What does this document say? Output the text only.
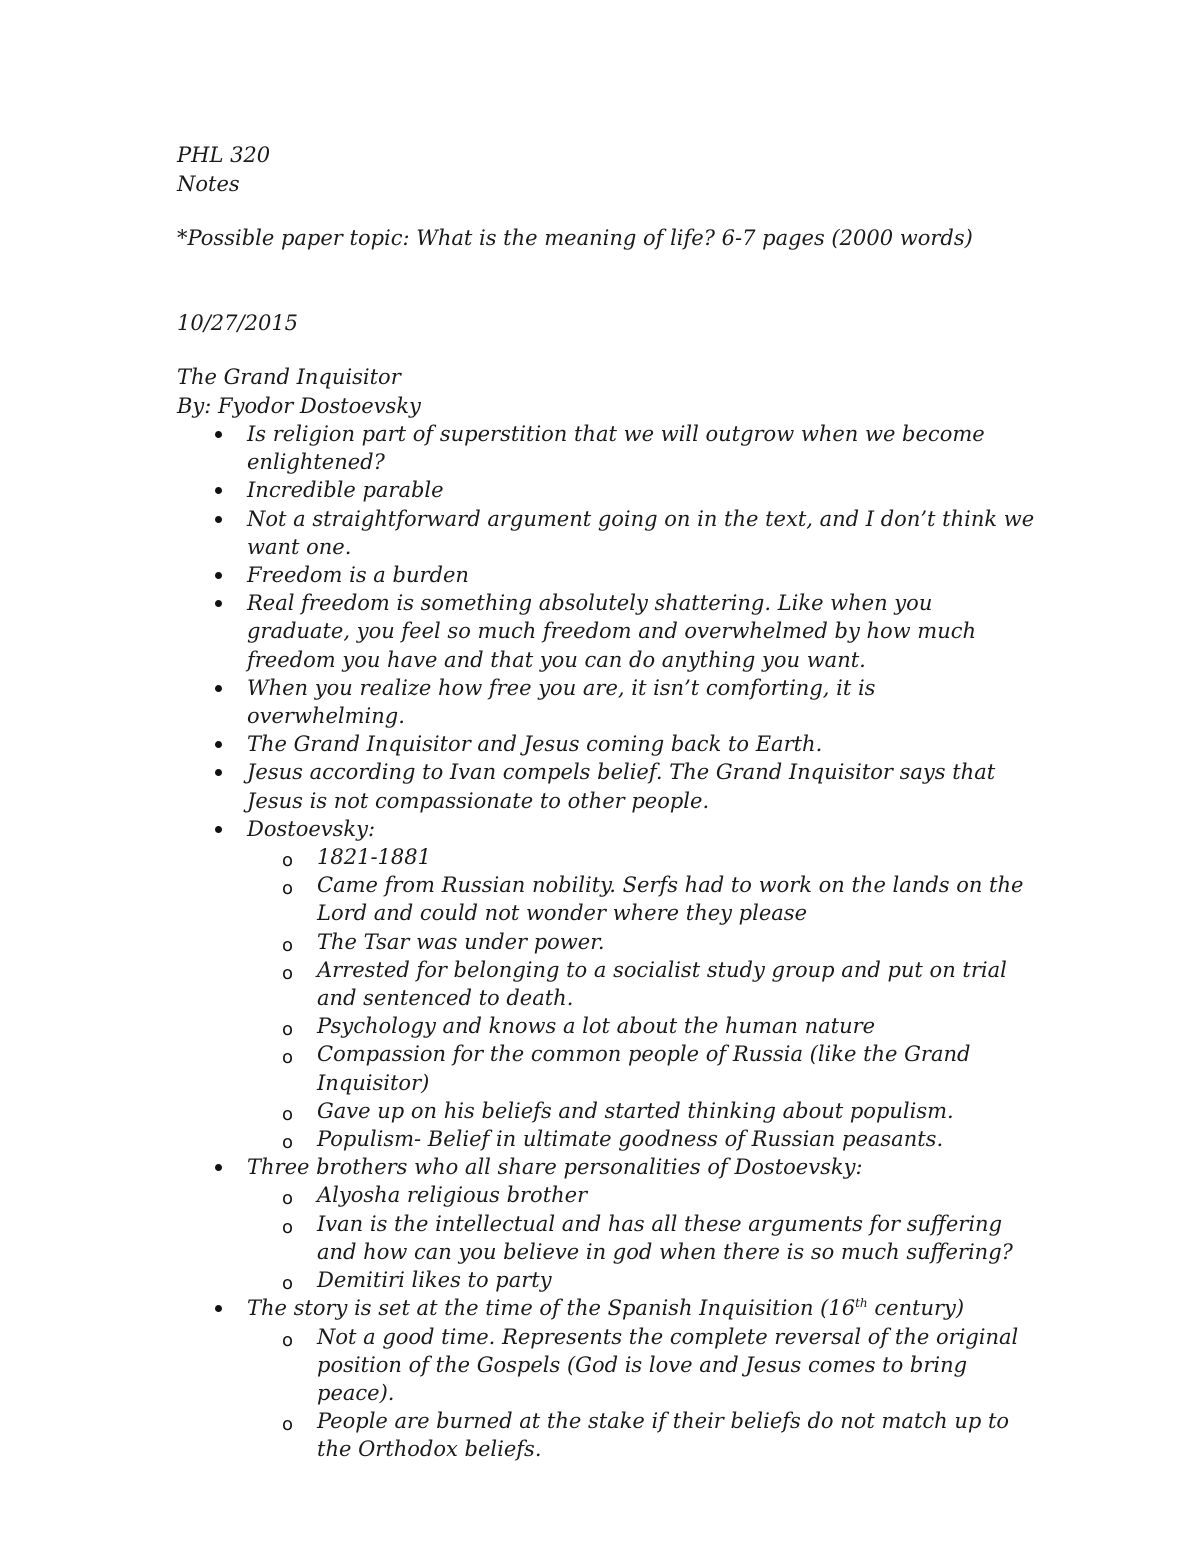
PHL 320

Notes

*Possible paper topic: What is the meaning of life? 6-7 pages (2000 words)

10/27/2015

The Grand Inquisitor

By: Fyodor Dostoevsky

Is religion part of superstition that we will outgrow when we become enlightened?
Incredible parable
Not a straightforward argument going on in the text, and I don’t think we want one.
Freedom is a burden
Real freedom is something absolutely shattering. Like when you graduate, you feel so much freedom and overwhelmed by how much freedom you have and that you can do anything you want.
When you realize how free you are, it isn’t comforting, it is overwhelming.
The Grand Inquisitor and Jesus coming back to Earth.
Jesus according to Ivan compels belief. The Grand Inquisitor says that Jesus is not compassionate to other people.
Dostoevsky:
o 1821-1881
o Came from Russian nobility. Serfs had to work on the lands on the Lord and could not wonder where they please
o The Tsar was under power.
o Arrested for belonging to a socialist study group and put on trial and sentenced to death.
o Psychology and knows a lot about the human nature
o Compassion for the common people of Russia (like the Grand Inquisitor)
o Gave up on his beliefs and started thinking about populism.
o Populism- Belief in ultimate goodness of Russian peasants.
Three brothers who all share personalities of Dostoevsky:
o Alyosha religious brother
o Ivan is the intellectual and has all these arguments for suffering and how can you believe in god when there is so much suffering?
o Demitiri likes to party
The story is set at the time of the Spanish Inquisition (16th century)
o Not a good time. Represents the complete reversal of the original position of the Gospels (God is love and Jesus comes to bring peace).
o People are burned at the stake if their beliefs do not match up to the Orthodox beliefs.
